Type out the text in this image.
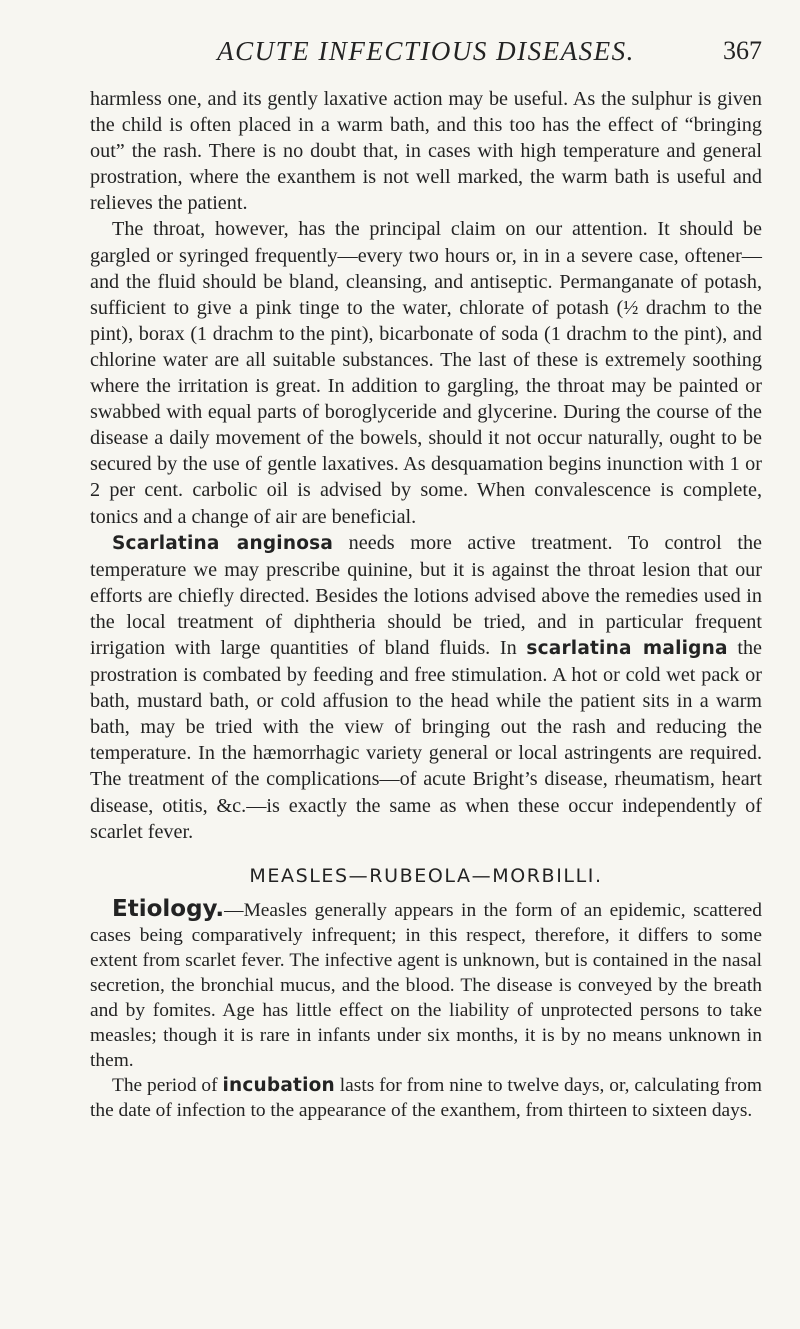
ACUTE INFECTIOUS DISEASES.	367

harmless one, and its gently laxative action may be useful. As the sulphur is given the child is often placed in a warm bath, and this too has the effect of “bringing out” the rash. There is no doubt that, in cases with high temperature and general prostration, where the exanthem is not well marked, the warm bath is useful and relieves the patient.

The throat, however, has the principal claim on our attention. It should be gargled or syringed frequently—every two hours or, in in a severe case, oftener—and the fluid should be bland, cleansing, and antiseptic. Permanganate of potash, sufficient to give a pink tinge to the water, chlorate of potash (½ drachm to the pint), borax (1 drachm to the pint), bicarbonate of soda (1 drachm to the pint), and chlorine water are all suitable substances. The last of these is extremely soothing where the irritation is great. In addition to gargling, the throat may be painted or swabbed with equal parts of boroglyceride and glycerine. During the course of the disease a daily movement of the bowels, should it not occur naturally, ought to be secured by the use of gentle laxatives. As desquamation begins inunction with 1 or 2 per cent. carbolic oil is advised by some. When convalescence is complete, tonics and a change of air are beneficial.

Scarlatina anginosa needs more active treatment. To control the temperature we may prescribe quinine, but it is against the throat lesion that our efforts are chiefly directed. Besides the lotions advised above the remedies used in the local treatment of diphtheria should be tried, and in particular frequent irrigation with large quantities of bland fluids. In scarlatina maligna the prostration is combated by feeding and free stimulation. A hot or cold wet pack or bath, mustard bath, or cold affusion to the head while the patient sits in a warm bath, may be tried with the view of bringing out the rash and reducing the temperature. In the hæmorrhagic variety general or local astringents are required. The treatment of the complications—of acute Bright’s disease, rheumatism, heart disease, otitis, &c.—is exactly the same as when these occur independently of scarlet fever.

MEASLES—RUBEOLA—MORBILLI.

Etiology.—Measles generally appears in the form of an epidemic, scattered cases being comparatively infrequent; in this respect, therefore, it differs to some extent from scarlet fever. The infective agent is unknown, but is contained in the nasal secretion, the bronchial mucus, and the blood. The disease is conveyed by the breath and by fomites. Age has little effect on the liability of unprotected persons to take measles; though it is rare in infants under six months, it is by no means unknown in them.

The period of incubation lasts for from nine to twelve days, or, calculating from the date of infection to the appearance of the exanthem, from thirteen to sixteen days.
